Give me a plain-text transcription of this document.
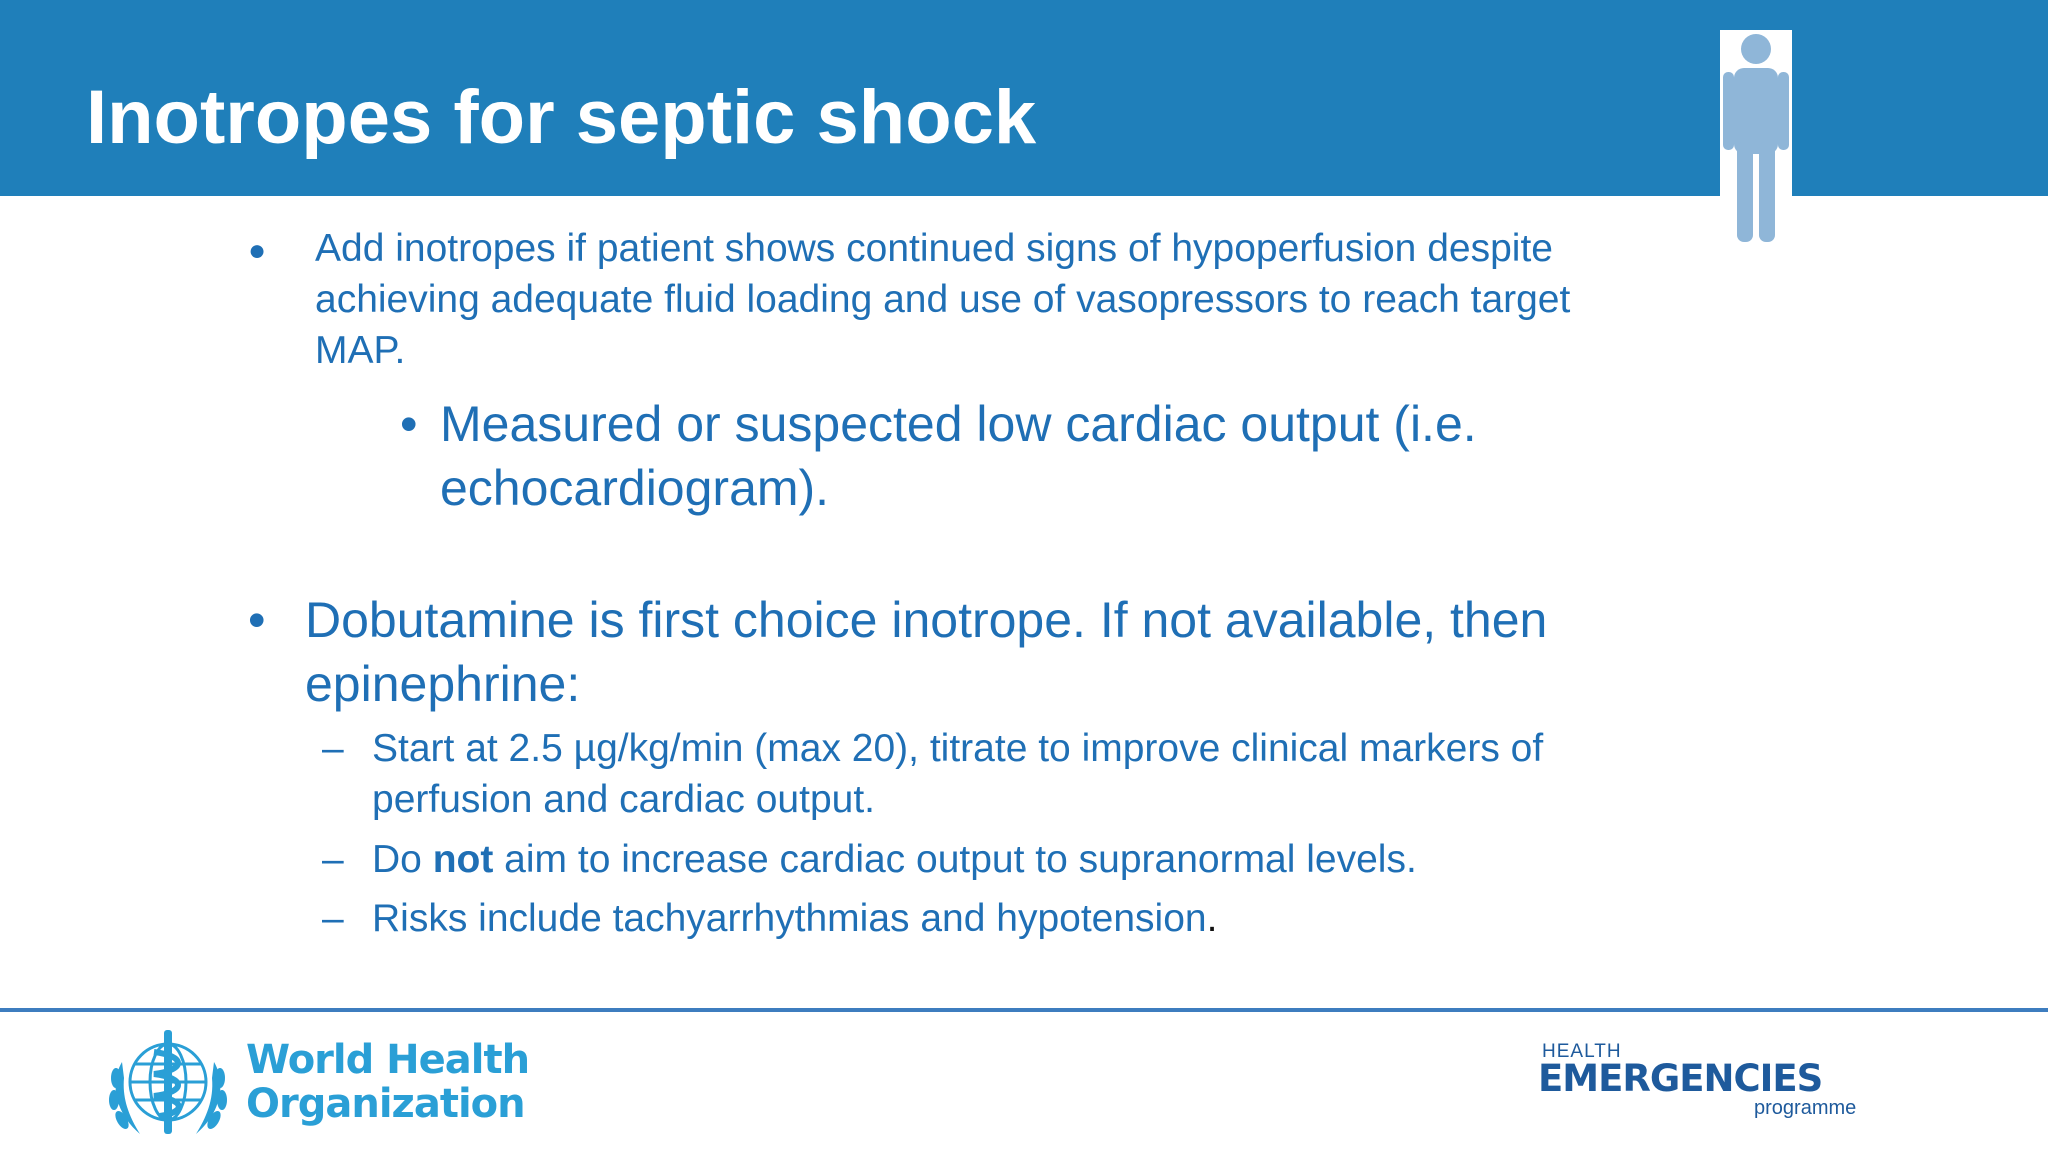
Inotropes for septic shock
● Add inotropes if patient shows continued signs of hypoperfusion despite
achieving adequate fluid loading and use of vasopressors to reach target
MAP.
• Measured or suspected low cardiac output (i.e.
echocardiogram).
• Dobutamine is first choice inotrope. If not available, then
epinephrine:
– Start at 2.5 µg/kg/min (max 20), titrate to improve clinical markers of
perfusion and cardiac output.
– Do not aim to increase cardiac output to supranormal levels.
– Risks include tachyarrhythmias and hypotension.
World Health
Organization
HEALTH
EMERGENCIES
programme
